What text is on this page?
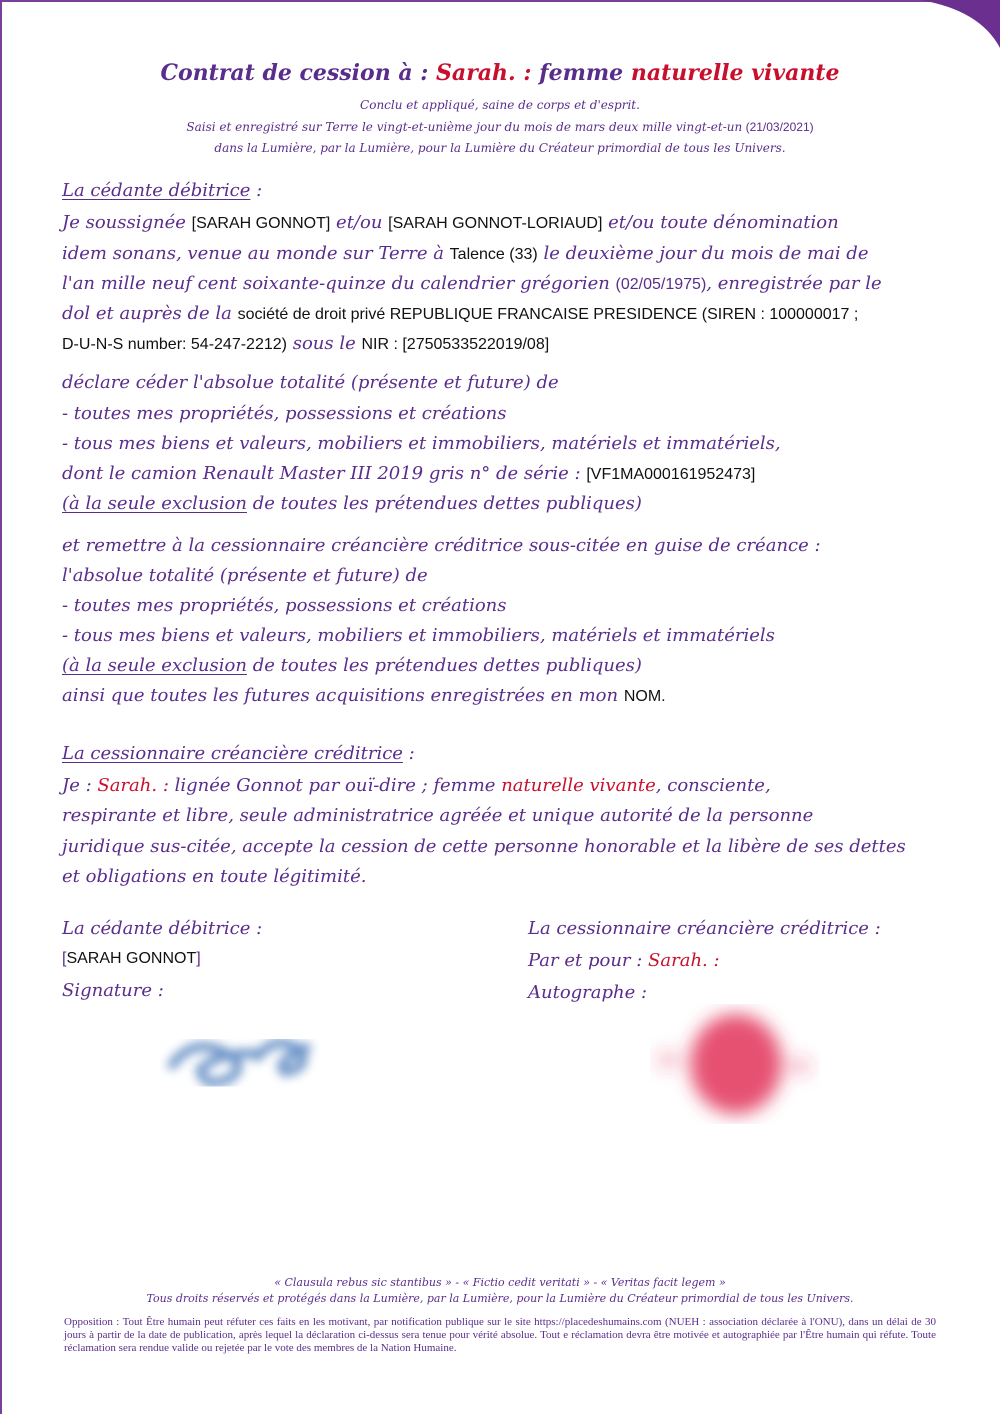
Contrat de cession à : Sarah. : femme naturelle vivante
Conclu et appliqué, saine de corps et d'esprit.
Saisi et enregistré sur Terre le vingt-et-unième jour du mois de mars deux mille vingt-et-un (21/03/2021)
dans la Lumière, par la Lumière, pour la Lumière du Créateur primordial de tous les Univers.
La cédante débitrice :
Je soussignée [SARAH GONNOT] et/ou [SARAH GONNOT-LORIAUD] et/ou toute dénomination
idem sonans, venue au monde sur Terre à Talence (33) le deuxième jour du mois de mai de
l'an mille neuf cent soixante-quinze du calendrier grégorien (02/05/1975), enregistrée par le
dol et auprès de la société de droit privé REPUBLIQUE FRANCAISE PRESIDENCE (SIREN : 100000017 ;
D-U-N-S number: 54-247-2212) sous le NIR : [2750533522019/08]
déclare céder l'absolue totalité (présente et future) de
- toutes mes propriétés, possessions et créations
- tous mes biens et valeurs, mobiliers et immobiliers, matériels et immatériels,
dont le camion Renault Master III 2019 gris n° de série : [VF1MA000161952473]
(à la seule exclusion de toutes les prétendues dettes publiques)
et remettre à la cessionnaire créancière créditrice sous-citée en guise de créance :
l'absolue totalité (présente et future) de
- toutes mes propriétés, possessions et créations
- tous mes biens et valeurs, mobiliers et immobiliers, matériels et immatériels
(à la seule exclusion de toutes les prétendues dettes publiques)
ainsi que toutes les futures acquisitions enregistrées en mon NOM.
La cessionnaire créancière créditrice :
Je : Sarah. : lignée Gonnot par ouï-dire ; femme naturelle vivante, consciente,
respirante et libre, seule administratrice agréée et unique autorité de la personne
juridique sus-citée, accepte la cession de cette personne honorable et la libère de ses dettes
et obligations en toute légitimité.
La cédante débitrice :
[SARAH GONNOT]
Signature :
La cessionnaire créancière créditrice :
Par et pour : Sarah. :
Autographe :
« Clausula rebus sic stantibus » - « Fictio cedit veritati » - « Veritas facit legem »
Tous droits réservés et protégés dans la Lumière, par la Lumière, pour la Lumière du Créateur primordial de tous les Univers.
Opposition : Tout Être humain peut réfuter ces faits en les motivant, par notification publique sur le site https://placedeshumains.com (NUEH : association déclarée à l'ONU), dans un délai de 30 jours à partir de la date de publication, après lequel la déclaration ci-dessus sera tenue pour vérité absolue. Tout e réclamation devra être motivée et autographiée par l'Être humain qui réfute. Toute réclamation sera rendue valide ou rejetée par le vote des membres de la Nation Humaine.
